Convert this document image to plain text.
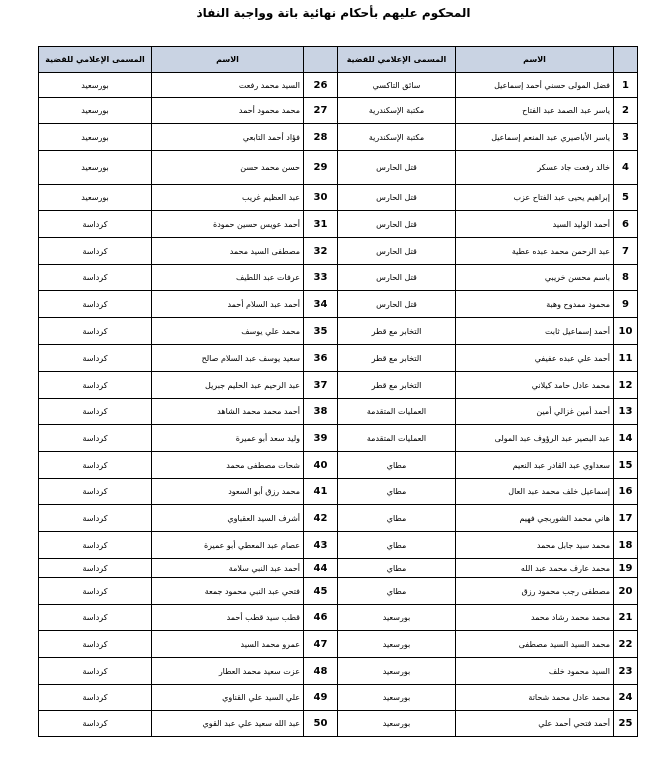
المحكوم عليهم بأحكام نهائية باتة وواجبة النفاذ
	الاسم	المسمى الإعلامي للقضية		الاسم	المسمى الإعلامي للقضية
1	فضل المولى حسني أحمد إسماعيل	سائق التاكسي	26	السيد محمد رفعت	بورسعيد
2	ياسر عبد الصمد عبد الفتاح	مكتبة الإسكندرية	27	محمد محمود أحمد	بورسعيد
3	ياسر الأباصيري عبد المنعم إسماعيل	مكتبة الإسكندرية	28	فؤاد أحمد التابعي	بورسعيد
4	خالد رفعت جاد عسكر	قتل الحارس	29	حسن محمد حسن	بورسعيد
5	إبراهيم يحيى عبد الفتاح عزب	قتل الحارس	30	عبد العظيم غريب	بورسعيد
6	أحمد الوليد السيد	قتل الحارس	31	أحمد عويس حسين حمودة	كرداسة
7	عبد الرحمن محمد عبده عطية	قتل الحارس	32	مصطفى السيد محمد	كرداسة
8	باسم محسن خريبي	قتل الحارس	33	عرفات عبد اللطيف	كرداسة
9	محمود ممدوح وهبة	قتل الحارس	34	أحمد عبد السلام أحمد	كرداسة
10	أحمد إسماعيل ثابت	التخابر مع قطر	35	محمد علي يوسف	كرداسة
11	أحمد علي عبده عفيفي	التخابر مع قطر	36	سعيد يوسف عبد السلام صالح	كرداسة
12	محمد عادل حامد كيلاني	التخابر مع قطر	37	عبد الرحيم عبد الحليم جبريل	كرداسة
13	أحمد أمين غزالي أمين	العمليات المتقدمة	38	أحمد محمد محمد الشاهد	كرداسة
14	عبد البصير عبد الرؤوف عبد المولى	العمليات المتقدمة	39	وليد سعد أبو عميرة	كرداسة
15	سعداوي عبد القادر عبد النعيم	مطاي	40	شحات مصطفى محمد	كرداسة
16	إسماعيل خلف محمد عبد العال	مطاي	41	محمد رزق أبو السعود	كرداسة
17	هاني محمد الشوربجي فهيم	مطاي	42	أشرف السيد العقباوي	كرداسة
18	محمد سيد جابل محمد	مطاي	43	عصام عبد المعطي أبو عميرة	كرداسة
19	محمد عارف محمد عبد الله	مطاي	44	أحمد عبد النبي سلامة	كرداسة
20	مصطفى رجب محمود رزق	مطاي	45	فتحي عبد النبي محمود جمعة	كرداسة
21	محمد محمد رشاد محمد	بورسعيد	46	قطب سيد قطب أحمد	كرداسة
22	محمد السيد السيد مصطفى	بورسعيد	47	عمرو محمد السيد	كرداسة
23	السيد محمود خلف	بورسعيد	48	عزت سعيد محمد العطار	كرداسة
24	محمد عادل محمد شحاتة	بورسعيد	49	علي السيد علي القناوي	كرداسة
25	أحمد فتحي أحمد علي	بورسعيد	50	عبد الله سعيد علي عبد القوي	كرداسة
